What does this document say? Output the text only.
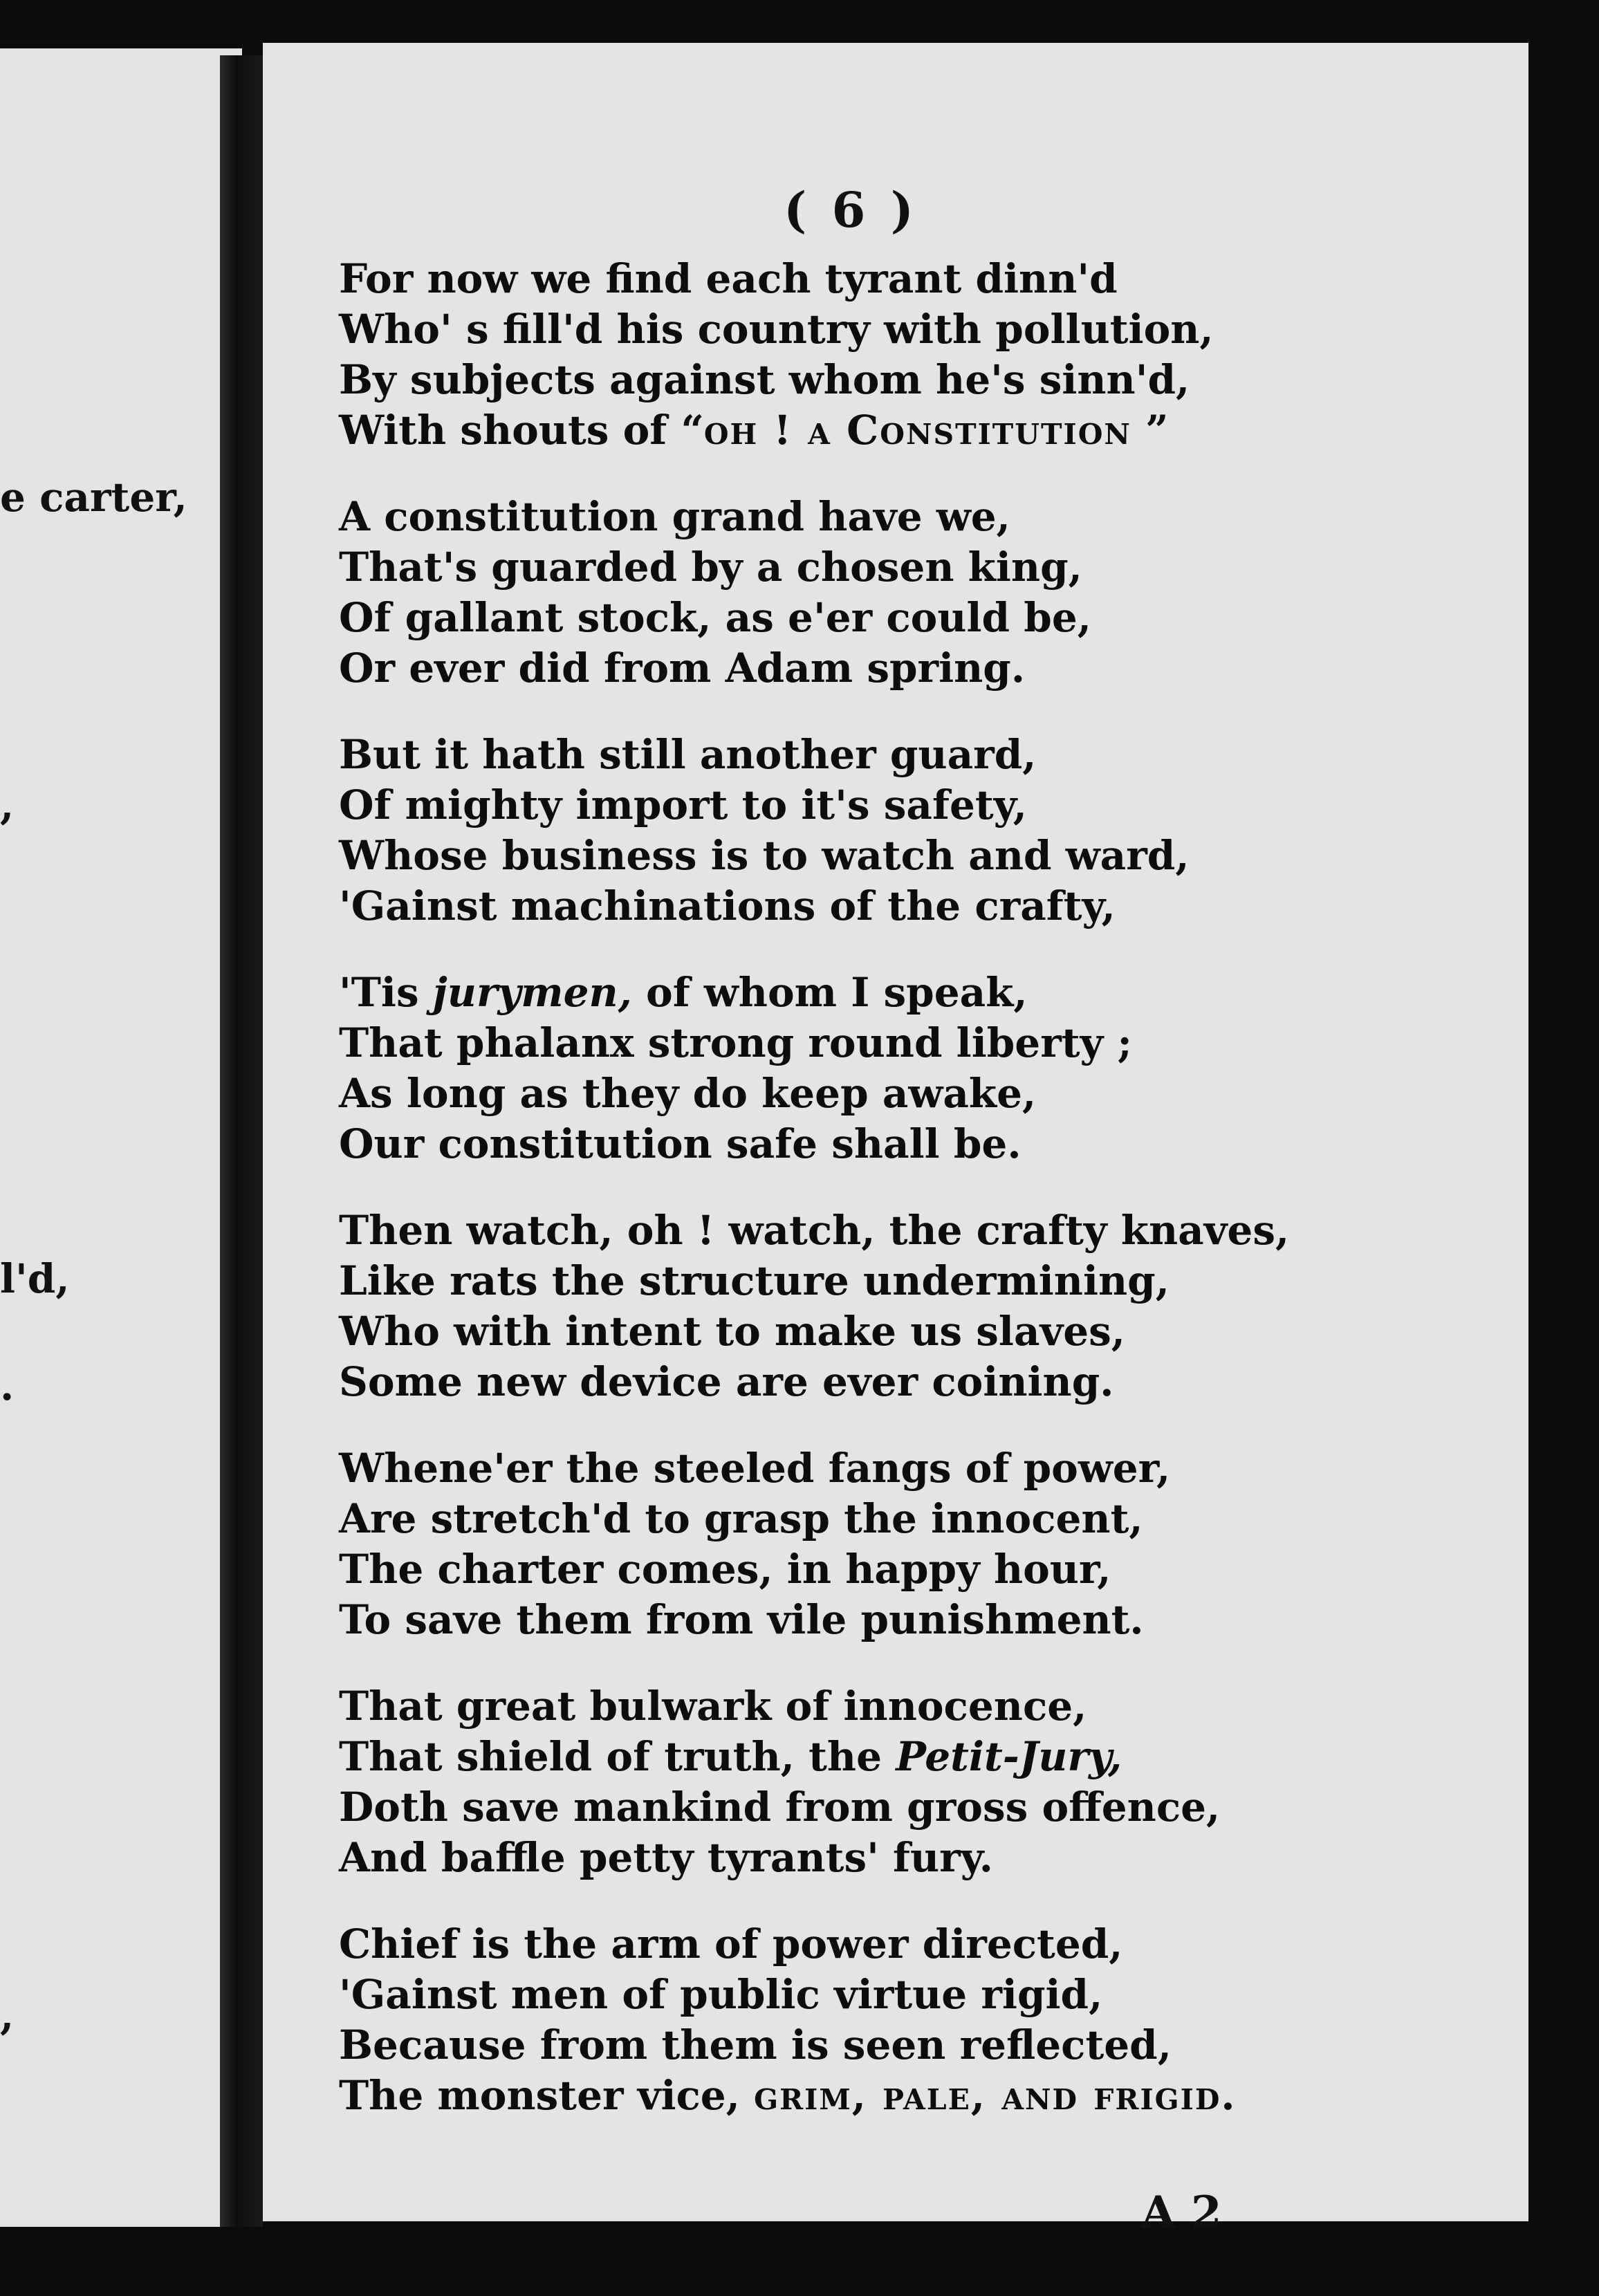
e carter,
,
l'd,
.
,
( 6 )
For now we find each tyrant dinn'd
Who' s fill'd his country with pollution,
By subjects against whom he's sinn'd,
With shouts of “oh ! a Constitution ”
A constitution grand have we,
That's guarded by a chosen king,
Of gallant stock, as e'er could be,
Or ever did from Adam spring.
But it hath still another guard,
Of mighty import to it's safety,
Whose business is to watch and ward,
'Gainst machinations of the crafty,
'Tis jurymen, of whom I speak,
That phalanx strong round liberty ;
As long as they do keep awake,
Our constitution safe shall be.
Then watch, oh ! watch, the crafty knaves,
Like rats the structure undermining,
Who with intent to make us slaves,
Some new device are ever coining.
Whene'er the steeled fangs of power,
Are stretch'd to grasp the innocent,
The charter comes, in happy hour,
To save them from vile punishment.
That great bulwark of innocence,
That shield of truth, the Petit-Jury,
Doth save mankind from gross offence,
And baffle petty tyrants' fury.
Chief is the arm of power directed,
'Gainst men of public virtue rigid,
Because from them is seen reflected,
The monster vice, grim, pale, and frigid.
A 2
